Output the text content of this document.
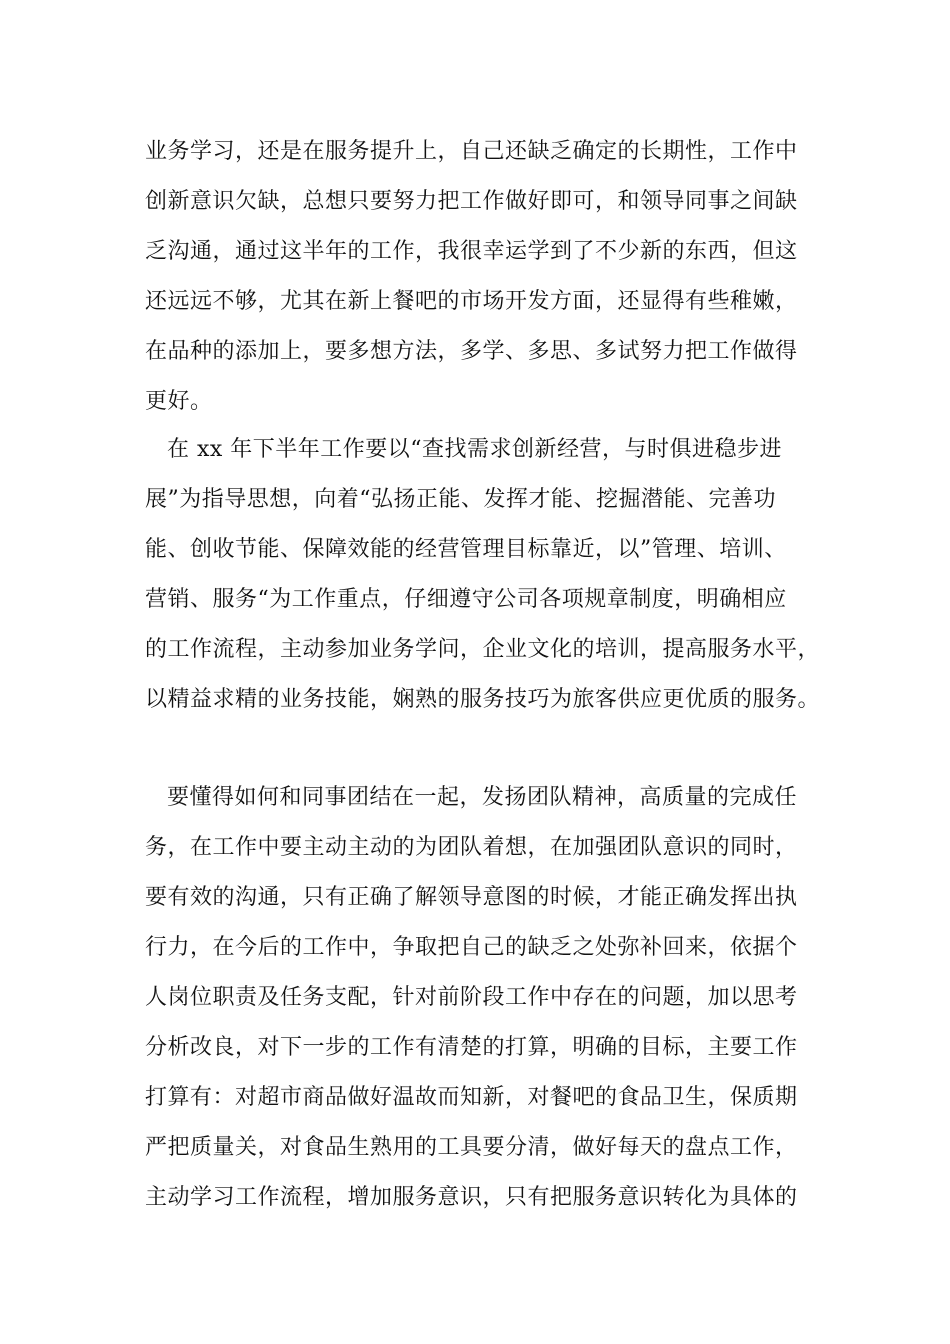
业务学习，还是在服务提升上，自己还缺乏确定的长期性，工作中
创新意识欠缺，总想只要努力把工作做好即可，和领导同事之间缺
乏沟通，通过这半年的工作，我很幸运学到了不少新的东西，但这
还远远不够，尤其在新上餐吧的市场开发方面，还显得有些稚嫩，
在品种的添加上，要多想方法，多学、多思、多试努力把工作做得
更好。
在 xx 年下半年工作要以“查找需求创新经营，与时俱进稳步进
展”为指导思想，向着“弘扬正能、发挥才能、挖掘潜能、完善功
能、创收节能、保障效能的经营管理目标靠近，以”管理、培训、
营销、服务“为工作重点，仔细遵守公司各项规章制度，明确相应
的工作流程，主动参加业务学问，企业文化的培训，提高服务水平，
以精益求精的业务技能，娴熟的服务技巧为旅客供应更优质的服务。
要懂得如何和同事团结在一起，发扬团队精神，高质量的完成任
务，在工作中要主动主动的为团队着想，在加强团队意识的同时，
要有效的沟通，只有正确了解领导意图的时候，才能正确发挥出执
行力，在今后的工作中，争取把自己的缺乏之处弥补回来，依据个
人岗位职责及任务支配，针对前阶段工作中存在的问题，加以思考
分析改良，对下一步的工作有清楚的打算，明确的目标，主要工作
打算有：对超市商品做好温故而知新，对餐吧的食品卫生，保质期
严把质量关，对食品生熟用的工具要分清，做好每天的盘点工作，
主动学习工作流程，增加服务意识，只有把服务意识转化为具体的
